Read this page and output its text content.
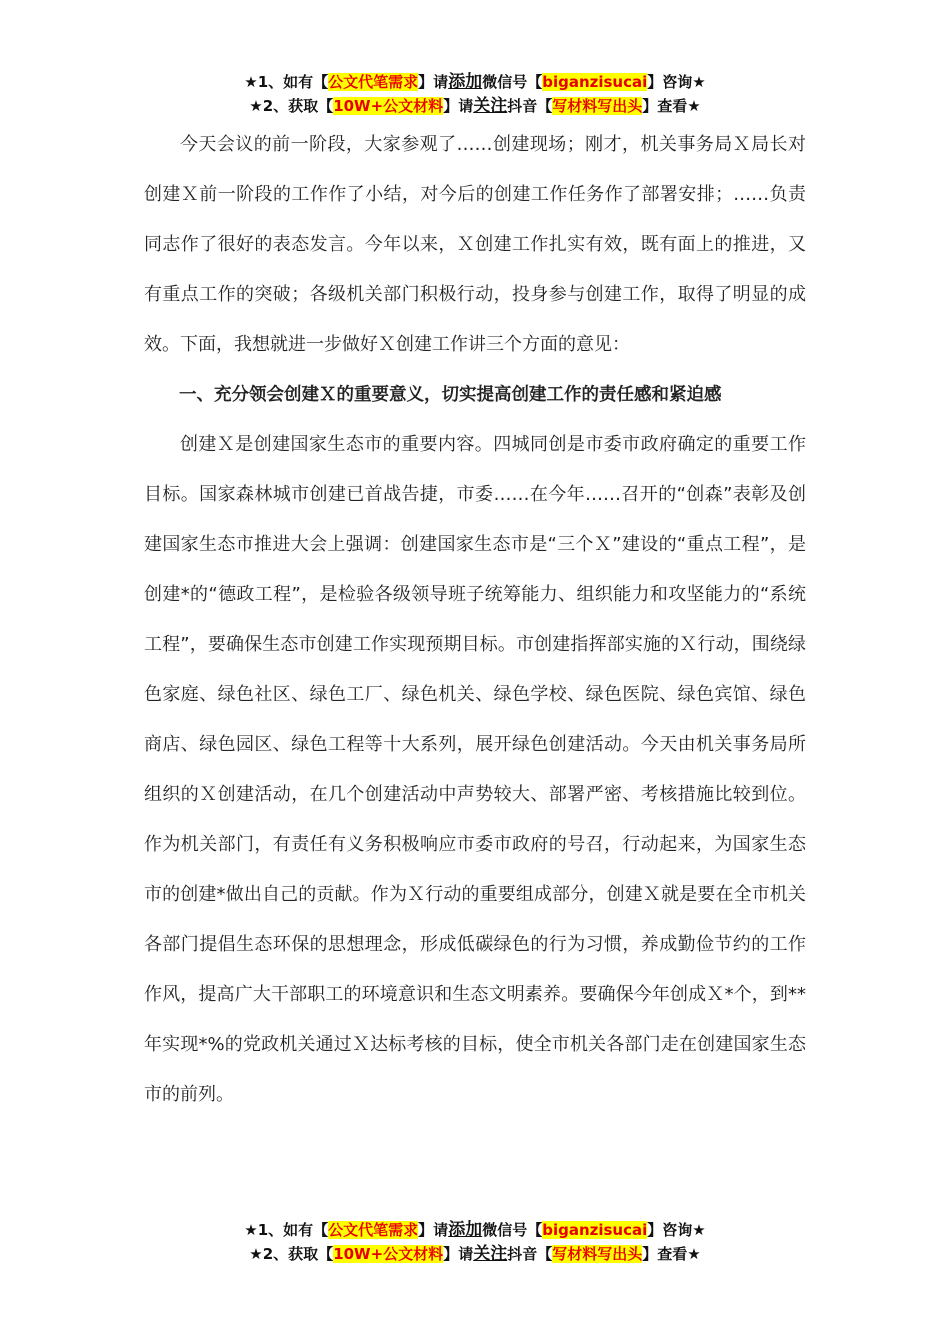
★1、如有【公文代笔需求】请添加微信号【biganzisucai】咨询★
★2、获取【10W+公文材料】请关注抖音【写材料写出头】查看★

今天会议的前一阶段，大家参观了……创建现场；刚才，机关事务局Ｘ局长对创建Ｘ前一阶段的工作作了小结，对今后的创建工作任务作了部署安排；……负责同志作了很好的表态发言。今年以来，Ｘ创建工作扎实有效，既有面上的推进，又有重点工作的突破；各级机关部门积极行动，投身参与创建工作，取得了明显的成效。下面，我想就进一步做好Ｘ创建工作讲三个方面的意见：

一、充分领会创建Ｘ的重要意义，切实提高创建工作的责任感和紧迫感

创建Ｘ是创建国家生态市的重要内容。四城同创是市委市政府确定的重要工作目标。国家森林城市创建已首战告捷，市委……在今年……召开的“创森”表彰及创建国家生态市推进大会上强调：创建国家生态市是“三个Ｘ”建设的“重点工程”，是创建*的“德政工程”，是检验各级领导班子统筹能力、组织能力和攻坚能力的“系统工程”，要确保生态市创建工作实现预期目标。市创建指挥部实施的Ｘ行动，围绕绿色家庭、绿色社区、绿色工厂、绿色机关、绿色学校、绿色医院、绿色宾馆、绿色商店、绿色园区、绿色工程等十大系列，展开绿色创建活动。今天由机关事务局所组织的Ｘ创建活动，在几个创建活动中声势较大、部署严密、考核措施比较到位。作为机关部门，有责任有义务积极响应市委市政府的号召，行动起来，为国家生态市的创建*做出自己的贡献。作为Ｘ行动的重要组成部分，创建Ｘ就是要在全市机关各部门提倡生态环保的思想理念，形成低碳绿色的行为习惯，养成勤俭节约的工作作风，提高广大干部职工的环境意识和生态文明素养。要确保今年创成Ｘ*个，到**年实现*%的党政机关通过Ｘ达标考核的目标，使全市机关各部门走在创建国家生态市的前列。

★1、如有【公文代笔需求】请添加微信号【biganzisucai】咨询★
★2、获取【10W+公文材料】请关注抖音【写材料写出头】查看★
